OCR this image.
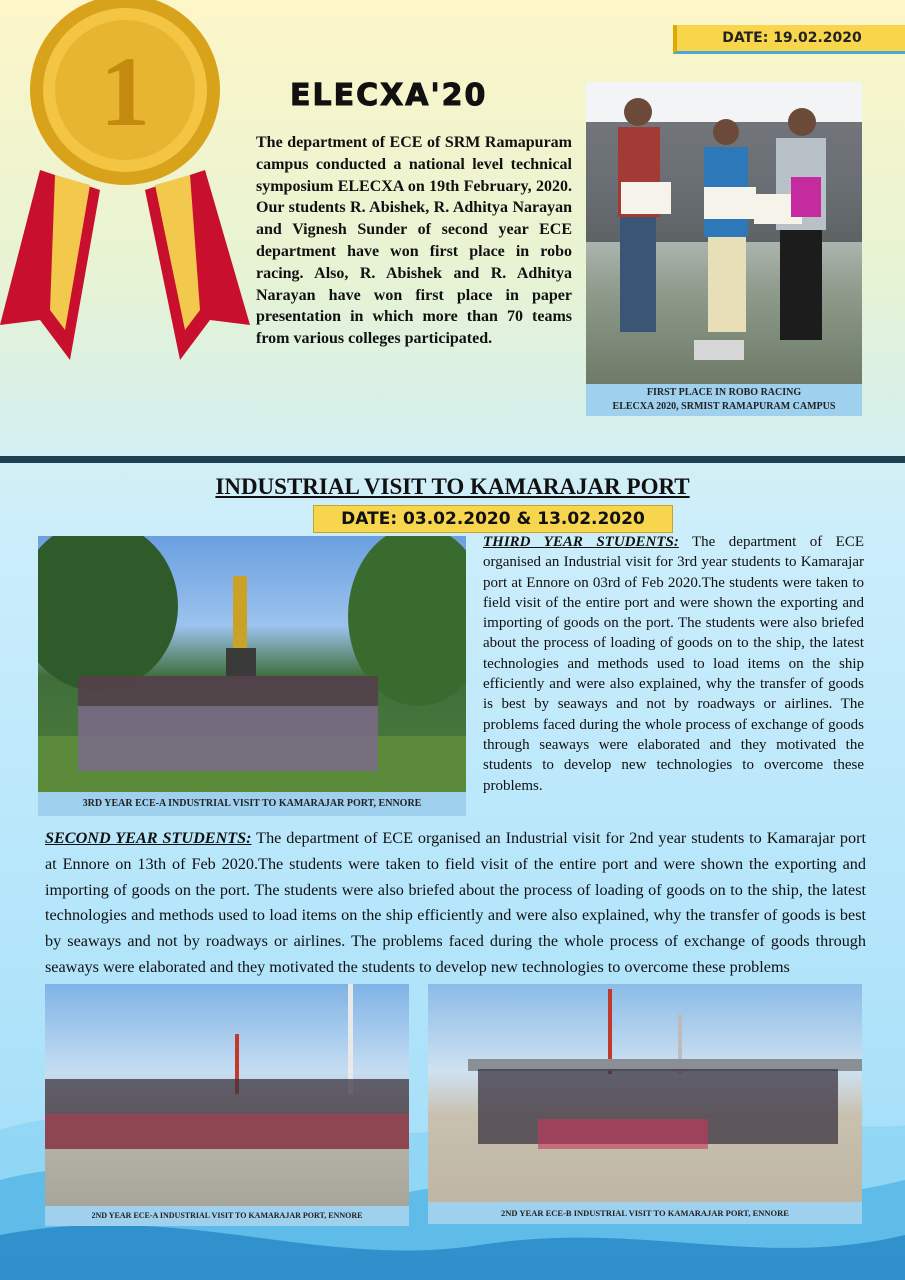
1	DATE: 19.02.2020
ELECXA'20
The department of ECE of SRM Ramapuram campus conducted a national level technical symposium ELECXA on 19th February, 2020. Our students R. Abishek, R. Adhitya Narayan and Vignesh Sunder of second year ECE department have won first place in robo racing. Also, R. Abishek and R. Adhitya Narayan have won first place in paper presentation in which more than 70 teams from various colleges participated.
FIRST PLACE IN ROBO RACING
ELECXA 2020, SRMIST RAMAPURAM CAMPUS
INDUSTRIAL VISIT TO KAMARAJAR PORT
DATE: 03.02.2020 & 13.02.2020
3RD YEAR ECE-A INDUSTRIAL VISIT TO KAMARAJAR PORT, ENNORE
THIRD YEAR STUDENTS: The department of ECE organised an Industrial visit for 3rd year students to Kamarajar port at Ennore on 03rd of Feb 2020.The students were taken to field visit of the entire port and were shown the exporting and importing of goods on the port. The students were also briefed about the process of loading of goods on to the ship, the latest technologies and methods used to load items on the ship efficiently and were also explained, why the transfer of goods is best by seaways and not by roadways or airlines. The problems faced during the whole process of exchange of goods through seaways were elaborated and they motivated the students to develop new technologies to overcome these problems.
SECOND YEAR STUDENTS: The department of ECE organised an Industrial visit for 2nd year students to Kamarajar port at Ennore on 13th of Feb 2020.The students were taken to field visit of the entire port and were shown the exporting and importing of goods on the port. The students were also briefed about the process of loading of goods on to the ship, the latest technologies and methods used to load items on the ship efficiently and were also explained, why the transfer of goods is best by seaways and not by roadways or airlines. The problems faced during the whole process of exchange of goods through seaways were elaborated and they motivated the students to develop new technologies to overcome these problems
2ND YEAR ECE-A INDUSTRIAL VISIT TO KAMARAJAR PORT, ENNORE	2ND YEAR ECE-B INDUSTRIAL VISIT TO KAMARAJAR PORT, ENNORE
